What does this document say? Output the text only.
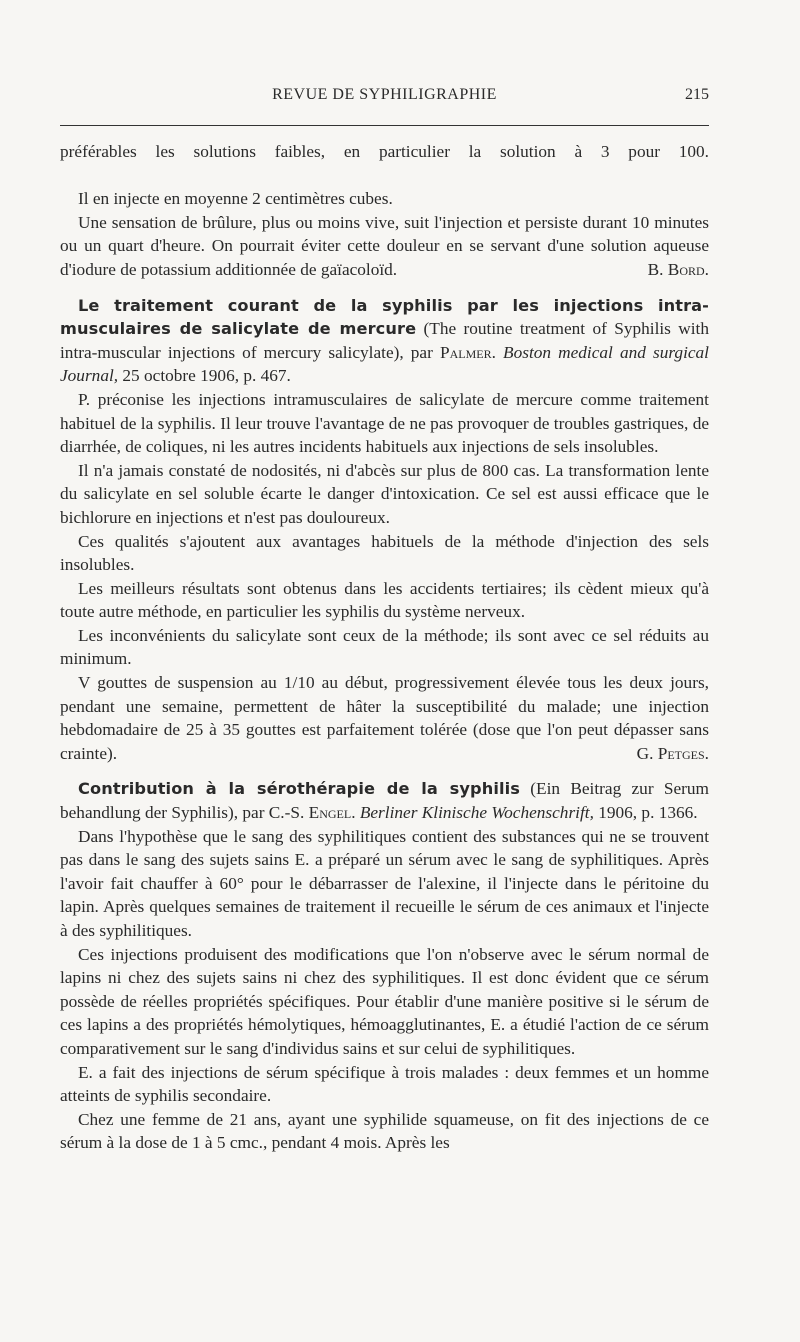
REVUE DE SYPHILIGRAPHIE	215

préférables les solutions faibles, en particulier la solution à 3 pour 100.

Il en injecte en moyenne 2 centimètres cubes.

Une sensation de brûlure, plus ou moins vive, suit l'injection et persiste durant 10 minutes ou un quart d'heure. On pourrait éviter cette douleur en se servant d'une solution aqueuse d'iodure de potassium additionnée de gaïacoloïd.	B. Bord.

Le traitement courant de la syphilis par les injections intra-musculaires de salicylate de mercure (The routine treatment of Syphilis with intra-muscular injections of mercury salicylate), par Palmer. Boston medical and surgical Journal, 25 octobre 1906, p. 467.

P. préconise les injections intramusculaires de salicylate de mercure comme traitement habituel de la syphilis. Il leur trouve l'avantage de ne pas provoquer de troubles gastriques, de diarrhée, de coliques, ni les autres incidents habituels aux injections de sels insolubles.

Il n'a jamais constaté de nodosités, ni d'abcès sur plus de 800 cas. La transformation lente du salicylate en sel soluble écarte le danger d'intoxication. Ce sel est aussi efficace que le bichlorure en injections et n'est pas douloureux.

Ces qualités s'ajoutent aux avantages habituels de la méthode d'injection des sels insolubles.

Les meilleurs résultats sont obtenus dans les accidents tertiaires; ils cèdent mieux qu'à toute autre méthode, en particulier les syphilis du système nerveux.

Les inconvénients du salicylate sont ceux de la méthode; ils sont avec ce sel réduits au minimum.

V gouttes de suspension au 1/10 au début, progressivement élevée tous les deux jours, pendant une semaine, permettent de hâter la susceptibilité du malade; une injection hebdomadaire de 25 à 35 gouttes est parfaitement tolérée (dose que l'on peut dépasser sans crainte).	G. Petges.

Contribution à la sérothérapie de la syphilis (Ein Beitrag zur Serum behandlung der Syphilis), par C.-S. Engel. Berliner Klinische Wochenschrift, 1906, p. 1366.

Dans l'hypothèse que le sang des syphilitiques contient des substances qui ne se trouvent pas dans le sang des sujets sains E. a préparé un sérum avec le sang de syphilitiques. Après l'avoir fait chauffer à 60° pour le débarrasser de l'alexine, il l'injecte dans le péritoine du lapin. Après quelques semaines de traitement il recueille le sérum de ces animaux et l'injecte à des syphilitiques.

Ces injections produisent des modifications que l'on n'observe avec le sérum normal de lapins ni chez des sujets sains ni chez des syphilitiques. Il est donc évident que ce sérum possède de réelles propriétés spécifiques. Pour établir d'une manière positive si le sérum de ces lapins a des propriétés hémolytiques, hémoagglutinantes, E. a étudié l'action de ce sérum comparativement sur le sang d'individus sains et sur celui de syphilitiques.

E. a fait des injections de sérum spécifique à trois malades : deux femmes et un homme atteints de syphilis secondaire.

Chez une femme de 21 ans, ayant une syphilide squameuse, on fit des injections de ce sérum à la dose de 1 à 5 cmc., pendant 4 mois. Après les
